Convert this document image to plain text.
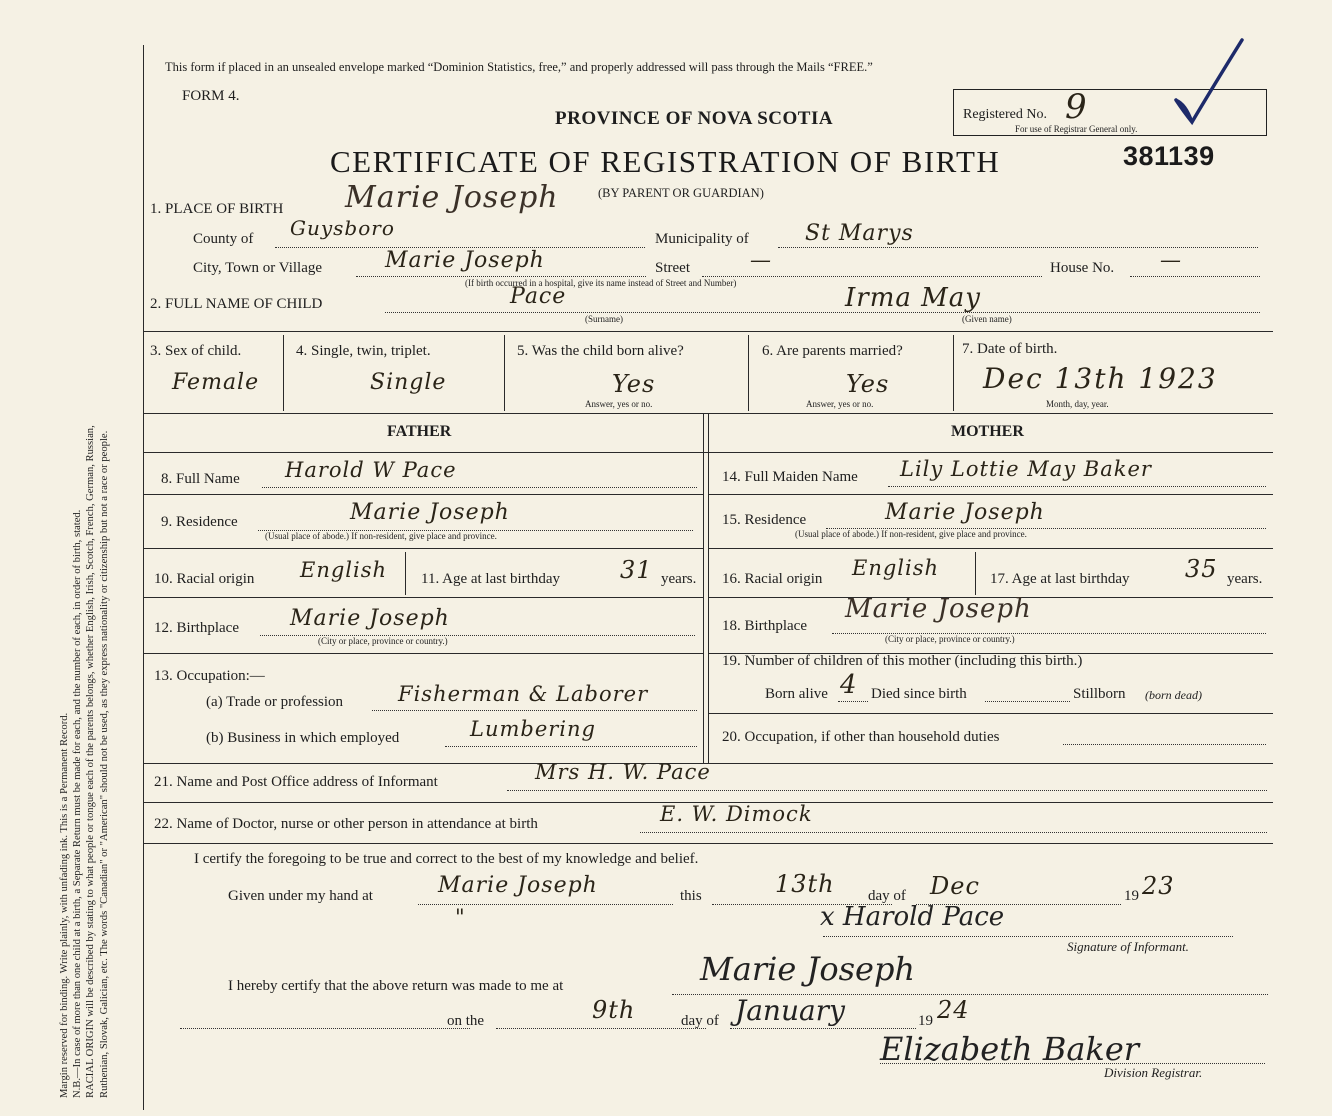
Margin reserved for binding. Write plainly, with unfading ink. This is a Permanent Record. N.B.—In case of more than one child at a birth, a Separate Return must be made for each, and the number of each, in order of birth, stated. RACIAL ORIGIN will be described by stating to what people or tongue each of the parents belongs, whether English, Irish, Scotch, French, German, Russian, Ruthenian, Slovak, Galician, etc. The words "Canadian" or "American" should not be used, as they express nationality or citizenship but not a race or people.
This form if placed in an unsealed envelope marked “Dominion Statistics, free,” and properly addressed will pass through the Mails “FREE.”
FORM 4.
PROVINCE OF NOVA SCOTIA
CERTIFICATE OF REGISTRATION OF BIRTH
(BY PARENT OR GUARDIAN)
Registered No. 9
For use of Registrar General only.
381139
1. PLACE OF BIRTH Marie Joseph
County of Guysboro	Municipality of	St Marys
City, Town or Village	Marie Joseph	Street	—	House No. —
(If birth occurred in a hospital, give its name instead of Street and Number)
2. FULL NAME OF CHILD	Pace	Irma May
(Surname)	(Given name)
3. Sex of child.
Female
4. Single, twin, triplet.
Single
5. Was the child born alive?
Yes
Answer, yes or no.
6. Are parents married?
Yes
Answer, yes or no.
7. Date of birth.
Dec 13th 1923
Month, day, year.
FATHER	MOTHER
8. Full Name Harold W Pace
9. Residence	Marie Joseph
(Usual place of abode.) If non-resident, give place and province.
10. Racial origin English 11. Age at last birthday	31 years.
12. Birthplace Marie Joseph
(City or place, province or country.)
13. Occupation:—
(a) Trade or profession	Fisherman & Laborer
(b) Business in which employed	Lumbering
14. Full Maiden Name Lily Lottie May Baker
15. Residence	Marie Joseph
(Usual place of abode.) If non-resident, give place and province.
16. Racial origin English	17. Age at last birthday 35 years.
18. Birthplace
Marie Joseph
(City or place, province or country.)
19. Number of children of this mother (including this birth.)
Born alive 4 Died since birth	Stillborn (born dead)
20. Occupation, if other than household duties
21. Name and Post Office address of Informant	Mrs H. W. Pace
22. Name of Doctor, nurse or other person in attendance at birth	E. W. Dimock
I certify the foregoing to be true and correct to the best of my knowledge and belief.
Given under my hand at	Marie Joseph	this	13th day of Dec	19 23
"	x Harold Pace
Signature of Informant.
I hereby certify that the above return was made to me at	Marie Joseph
on the	9th	day of January	19 24
Elizabeth Baker
Division Registrar.
